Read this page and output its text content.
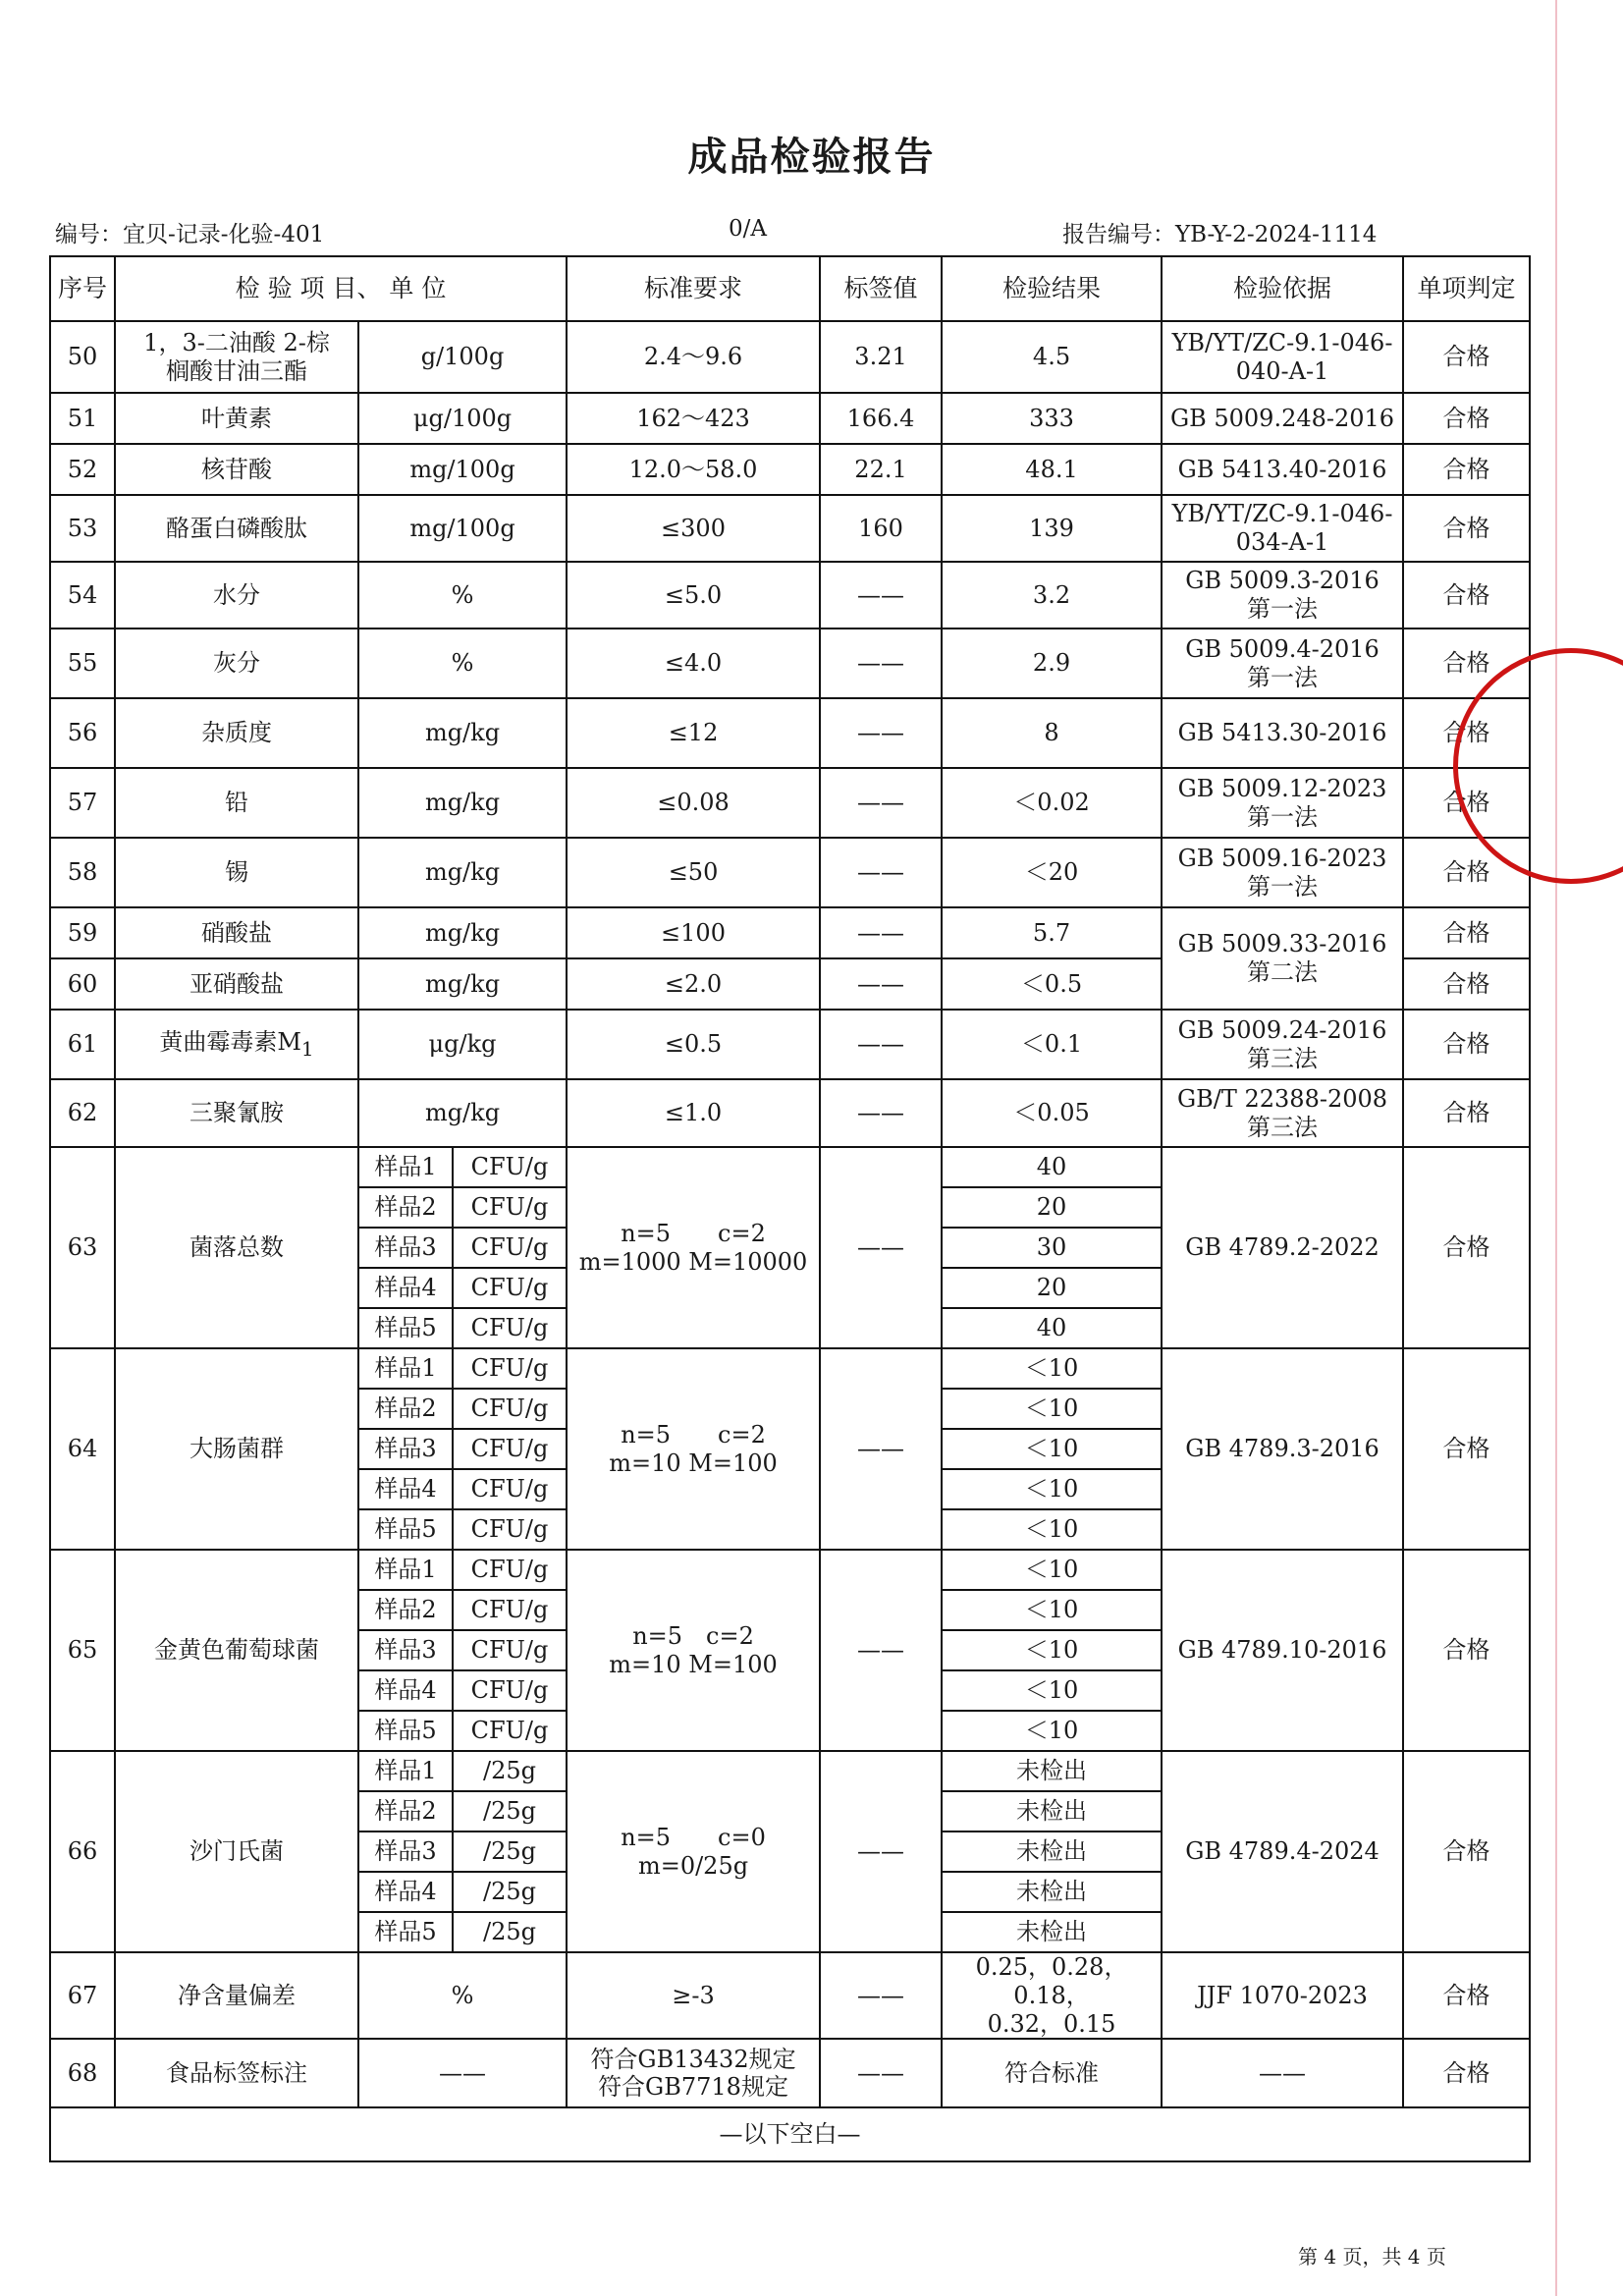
成品检验报告
编号：宜贝-记录-化验-401	0/A	报告编号：YB-Y-2-2024-1114
序号	检 验 项 目、 单 位			标准要求	标签值	检验结果	检验依据	单项判定
50	1，3-二油酸 2-棕
榈酸甘油三酯	g/100g		2.4～9.6	3.21	4.5	YB/YT/ZC-9.1-046-
040-A-1	合格
51	叶黄素	μg/100g		162～423	166.4	333	GB 5009.248-2016	合格
52	核苷酸	mg/100g		12.0～58.0	22.1	48.1	GB 5413.40-2016	合格
53	酪蛋白磷酸肽	mg/100g		≤300	160	139	YB/YT/ZC-9.1-046-
034-A-1	合格
54	水分	%		≤5.0	——	3.2	GB 5009.3-2016
第一法	合格
55	灰分	%		≤4.0	——	2.9	GB 5009.4-2016
第一法	合格
56	杂质度	mg/kg		≤12	——	8	GB 5413.30-2016	合格
57	铅	mg/kg		≤0.08	——	＜0.02	GB 5009.12-2023
第一法	合格
58	锡	mg/kg		≤50	——	＜20	GB 5009.16-2023
第一法	合格
59	硝酸盐	mg/kg		≤100	——	5.7	GB 5009.33-2016
第二法	合格
60	亚硝酸盐	mg/kg		≤2.0	——	＜0.5		合格
61	黄曲霉毒素$M_1$	μg/kg		≤0.5	——	＜0.1	GB 5009.24-2016
第三法	合格
62	三聚氰胺	mg/kg		≤1.0	——	＜0.05	GB/T 22388-2008
第三法	合格
63	菌落总数	样品1	CFU/g	n=5　　c=2
m=1000 M=10000	——	40	GB 4789.2-2022	合格
		样品2	CFU/g			20		
		样品3	CFU/g			30		
		样品4	CFU/g			20		
		样品5	CFU/g			40		
64	大肠菌群	样品1	CFU/g	n=5　　c=2
m=10 M=100	——	＜10	GB 4789.3-2016	合格
		样品2	CFU/g			＜10		
		样品3	CFU/g			＜10		
		样品4	CFU/g			＜10		
		样品5	CFU/g			＜10		
65	金黄色葡萄球菌	样品1	CFU/g	n=5　c=2
m=10 M=100	——	＜10	GB 4789.10-2016	合格
		样品2	CFU/g			＜10		
		样品3	CFU/g			＜10		
		样品4	CFU/g			＜10		
		样品5	CFU/g			＜10		
66	沙门氏菌	样品1	/25g	n=5　　c=0
m=0/25g	——	未检出	GB 4789.4-2024	合格
		样品2	/25g			未检出		
		样品3	/25g			未检出		
		样品4	/25g			未检出		
		样品5	/25g			未检出		
67	净含量偏差	%		≥-3	——	0.25，0.28，0.18，
0.32，0.15	JJF 1070-2023	合格
68	食品标签标注	——		符合GB13432规定
符合GB7718规定	——	符合标准	——	合格
—以下空白—								
第 4 页，共 4 页
